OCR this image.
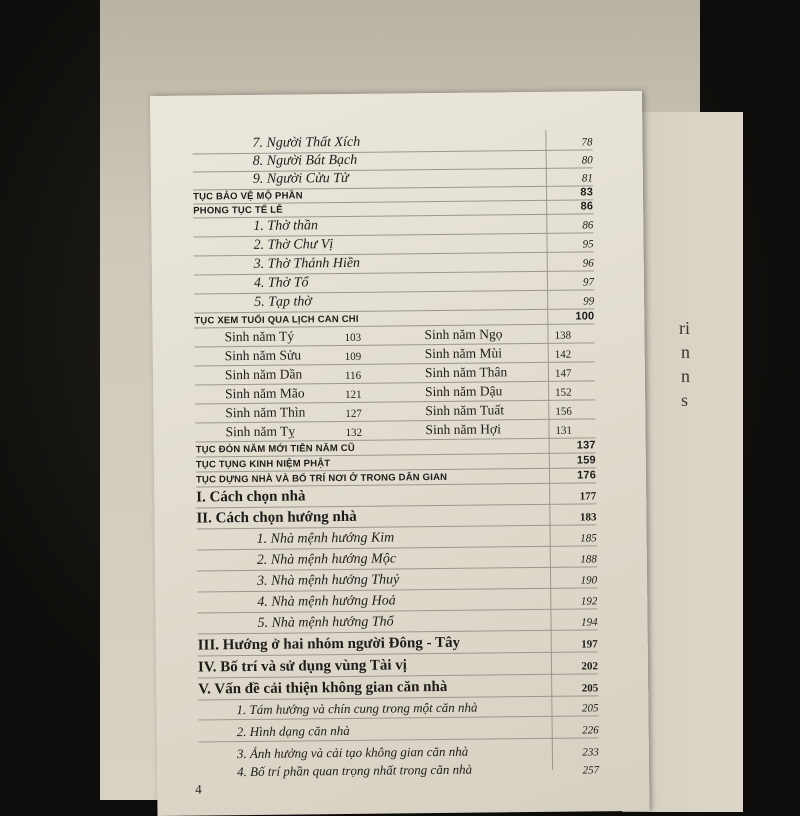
ri
n
n
s
7. Người Thất Xích	78
8. Người Bát Bạch	80
9. Người Cửu Tử	81
TỤC BẢO VỆ MỘ PHẦN	83
PHONG TỤC TẾ LỄ	86
1. Thờ thần	86
2. Thờ Chư Vị	95
3. Thờ Thánh Hiền	96
4. Thờ Tổ	97
5. Tạp thờ	99
TỤC XEM TUỔI QUA LỊCH CAN CHI	100
Sinh năm Tý	103	Sinh năm Ngọ	138
Sinh năm Sửu	109	Sinh năm Mùi	142
Sinh năm Dần	116	Sinh năm Thân	147
Sinh năm Mão	121	Sinh năm Dậu	152
Sinh năm Thìn	127	Sinh năm Tuất	156
Sinh năm Tỵ	132	Sinh năm Hợi	131
TỤC ĐÓN NĂM MỚI TIỄN NĂM CŨ	137
TỤC TỤNG KINH NIỆM PHẬT	159
TỤC DỰNG NHÀ VÀ BỐ TRÍ NƠI Ở TRONG DÂN GIAN	176
I. Cách chọn nhà	177
II. Cách chọn hướng nhà	183
1. Nhà mệnh hướng Kim	185
2. Nhà mệnh hướng Mộc	188
3. Nhà mệnh hướng Thuỷ	190
4. Nhà mệnh hướng Hoả	192
5. Nhà mệnh hướng Thổ	194
III. Hướng ở hai nhóm người Đông - Tây	197
IV. Bố trí và sử dụng vùng Tài vị	202
V. Vấn đề cải thiện không gian căn nhà	205
1. Tám hướng và chín cung trong một căn nhà	205
2. Hình dạng căn nhà	226
3. Ảnh hưởng và cải tạo không gian căn nhà	233
4. Bố trí phần quan trọng nhất trong căn nhà	257
4
